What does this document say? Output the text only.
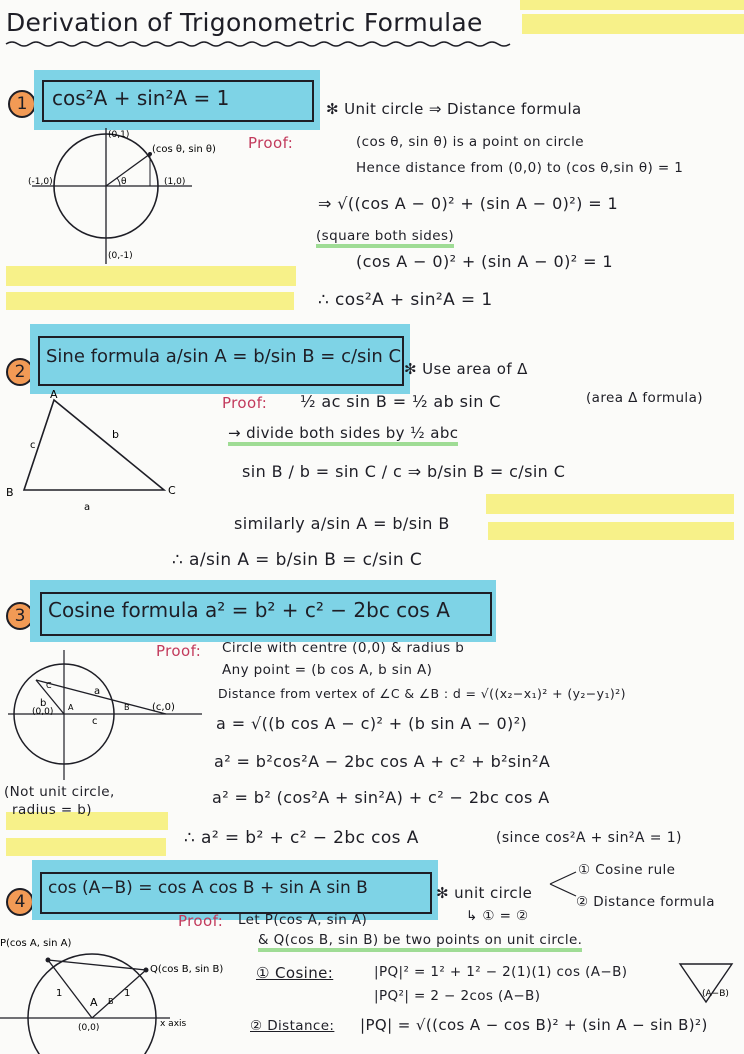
Derivation of Trigonometric Formulae
1	cos²A + sin²A = 1	✻ Unit circle ⇒ Distance formula
(0,1)
(-1,0)	(1,0)
(0,-1)
(cos θ, sin θ)
θ
Proof:	(cos θ, sin θ) is a point on circle
Hence distance from (0,0) to (cos θ,sin θ) = 1
⇒ √((cos A − 0)² + (sin A − 0)²) = 1
(square both sides)
(cos A − 0)² + (sin A − 0)² = 1
∴ cos²A + sin²A = 1
2
Sine formula a/sin A = b/sin B = c/sin C
✻ Use area of Δ
A
B	C
a
b
c
Proof: ½ ac sin B = ½ ab sin C	(area Δ formula)
→ divide both sides by ½ abc
sin B / b = sin C / c ⇒ b/sin B = c/sin C
similarly a/sin A = b/sin B
∴ a/sin A = b/sin B = c/sin C
3	Cosine formula a² = b² + c² − 2bc cos A
(0,0)	(c,0)
a
b
c
A	B
C
(Not unit circle,
radius = b)
Proof: Circle with centre (0,0) & radius b
Any point = (b cos A, b sin A)
Distance from vertex of ∠C & ∠B : d = √((x₂−x₁)² + (y₂−y₁)²)
a = √((b cos A − c)² + (b sin A − 0)²)
a² = b²cos²A − 2bc cos A + c² + b²sin²A
a² = b² (cos²A + sin²A) + c² − 2bc cos A
∴ a² = b² + c² − 2bc cos A	(since cos²A + sin²A = 1)
4
cos (A−B) = cos A cos B + sin A sin B	✻ unit circle
① Cosine rule
② Distance formula
↳ ① = ②
Proof: Let P(cos A, sin A)
& Q(cos B, sin B) be two points on unit circle.
P(cos A, sin A)
Q(cos B, sin B)
(0,0)	x axis
1	1
A B
① Cosine:	|PQ|² = 1² + 1² − 2(1)(1) cos (A−B)
|PQ²| = 2 − 2cos (A−B)
② Distance: |PQ| = √((cos A − cos B)² + (sin A − sin B)²)
(A−B)
